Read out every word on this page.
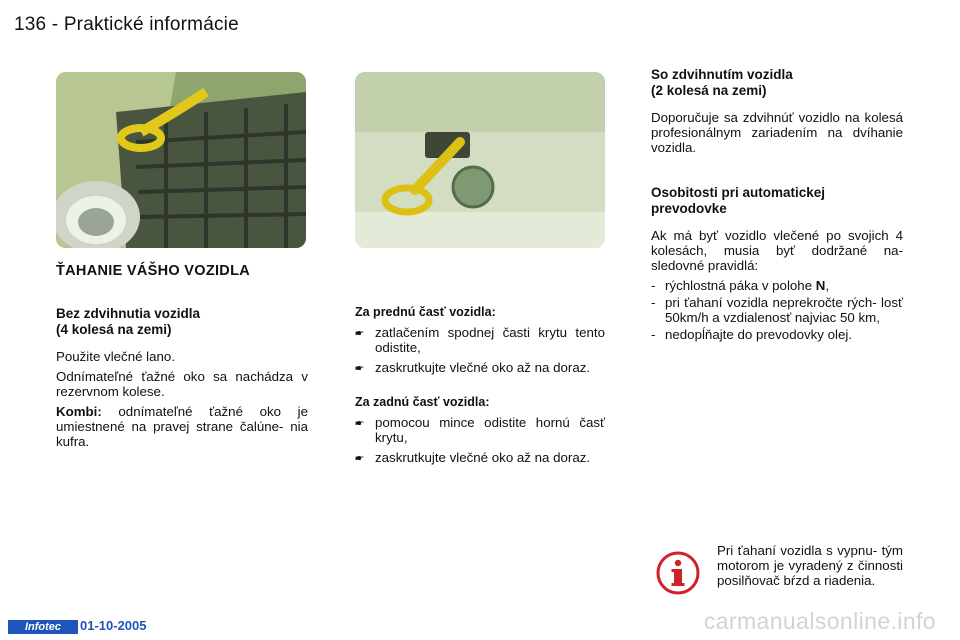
136 - Praktické informácie
ŤAHANIE VÁŠHO VOZIDLA
Bez zdvihnutia vozidla
(4 kolesá na zemi)

Použite vlečné lano.

Odnímateľné ťažné oko sa nachádza v rezervnom kolese.

Kombi: odnímateľné ťažné oko je umiestnené na pravej strane čalúne- nia kufra.

Za prednú časť vozidla:
🖝 zatlačením spodnej časti krytu tento odistite,
🖝 zaskrutkujte vlečné oko až na doraz.
Za zadnú časť vozidla:
🖝 pomocou mince odistite hornú časť krytu,
🖝 zaskrutkujte vlečné oko až na doraz.
So zdvihnutím vozidla
(2 kolesá na zemi)

Doporučuje sa zdvihnúť vozidlo na kolesá profesionálnym zariadením na dvíhanie vozidla.

Osobitosti pri automatickej
prevodovke

Ak má byť vozidlo vlečené po svojich 4 kolesách, musia byť dodržané na- sledovné pravidlá:

- rýchlostná páka v polohe N,
- pri ťahaní vozidla neprekročte rých- losť 50km/h a vzdialenosť najviac 50 km,
- nedopĺňajte do prevodovky olej.

Pri ťahaní vozidla s vypnu- tým motorom je vyradený z činnosti posilňovač bŕzd a riadenia.

Infotec	01-10-2005	carmanualsonline.info
